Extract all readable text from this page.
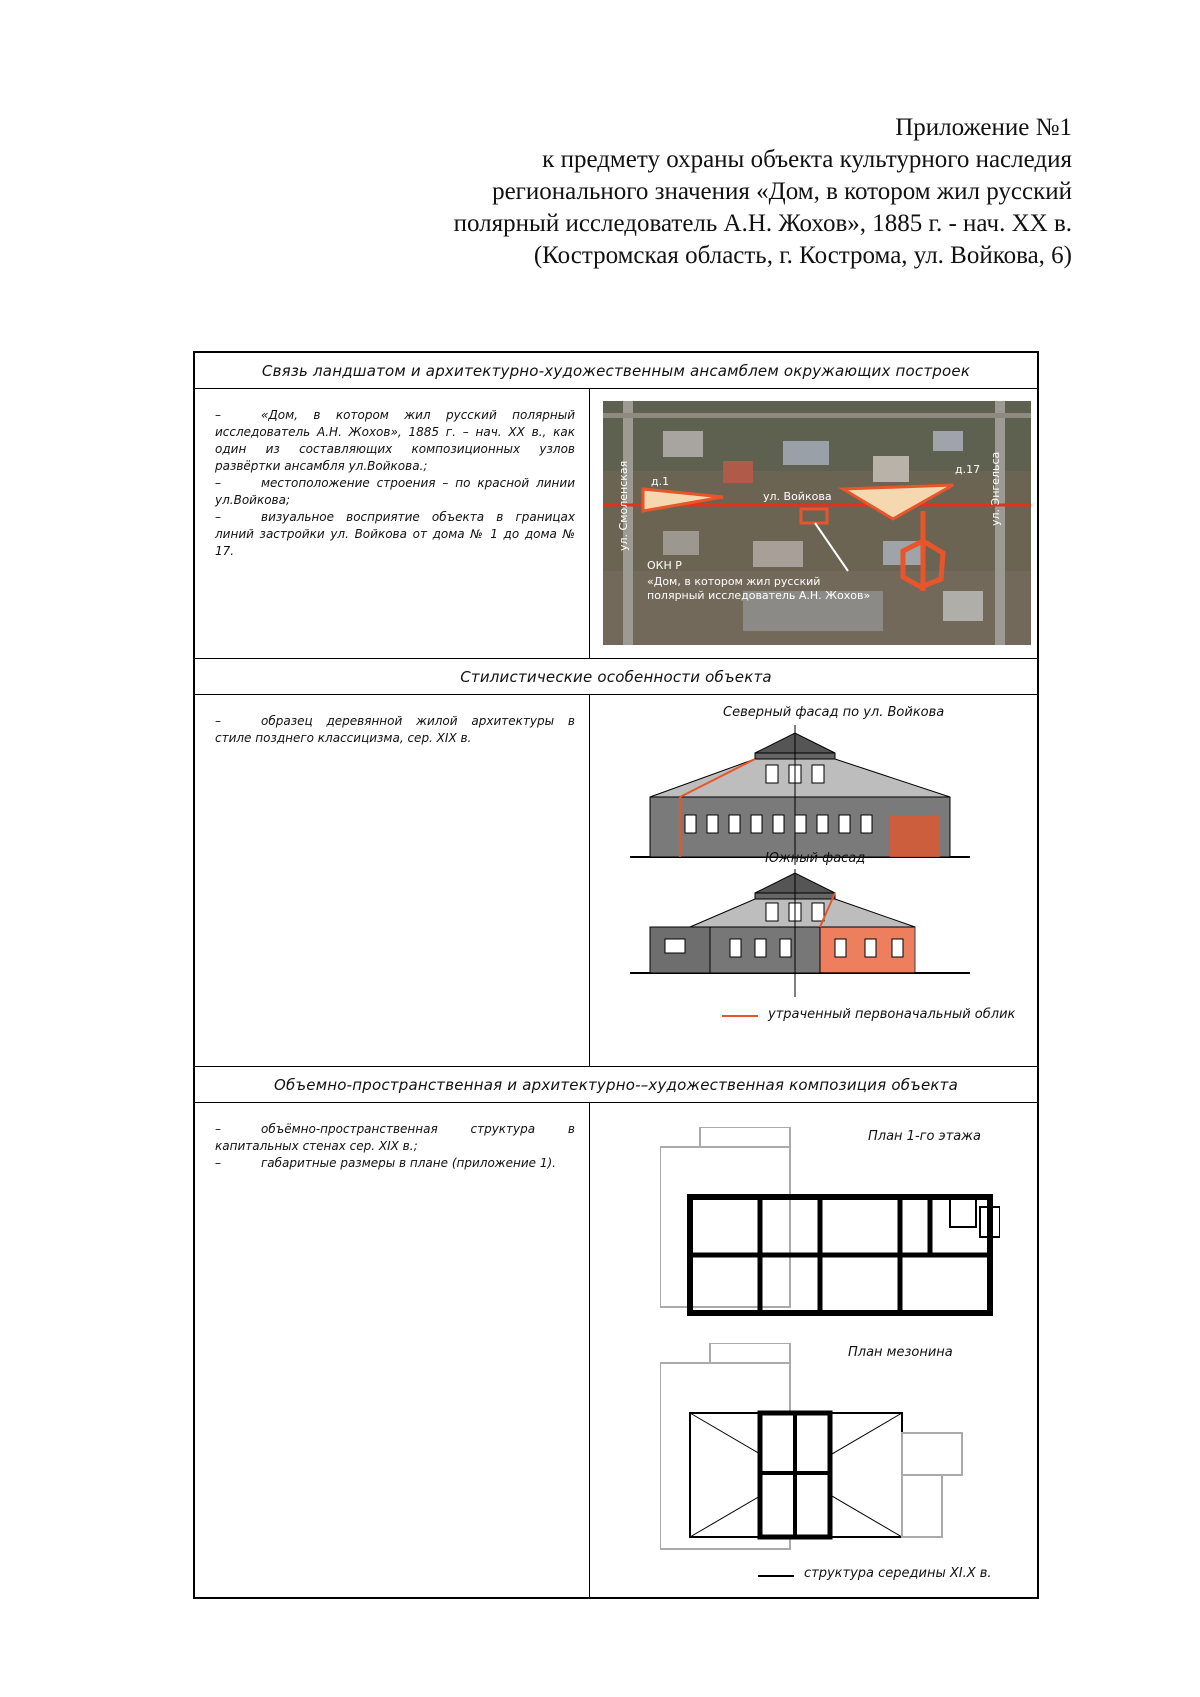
Приложение №1
к предмету охраны объекта культурного наследия
регионального значения «Дом, в котором жил русский
полярный исследователь А.Н. Жохов», 1885 г. - нач. XX в.
(Костромская область, г. Кострома, ул. Войкова, 6)
Связь ландшатом и архитектурно-художественным ансамблем окружающих построек

–	«Дом, в котором жил русский полярный исследователь А.Н. Жохов», 1885 г. – нач. XX в., как один из составляющих композиционных узлов развёртки ансамбля ул.Войкова.;

–	местоположение строения – по красной линии ул.Войкова;

–	визуальное восприятие объекта в границах линий застройки ул. Войкова от дома № 1 до дома № 17.	ул. Смоленская	ул. Энгельса
ул. Войкова
д.1
д.17
ОКН Р
«Дом, в котором жил русский
полярный исследователь А.Н. Жохов»
Стилистические особенности объекта

–	образец деревянной жилой архитектуры в стиле позднего классицизма, сер. XIX в.

Северный фасад по ул. Войкова
Южный фасад
утраченный первоначальный облик
Объемно-пространственная и архитектурно-–художественная композиция объекта

–	объёмно-пространственная структура в капитальных стенах сер. XIX в.;

–	габаритные размеры в плане (приложение 1).

План 1-го этажа
План мезонина
структура середины XI.X в.
